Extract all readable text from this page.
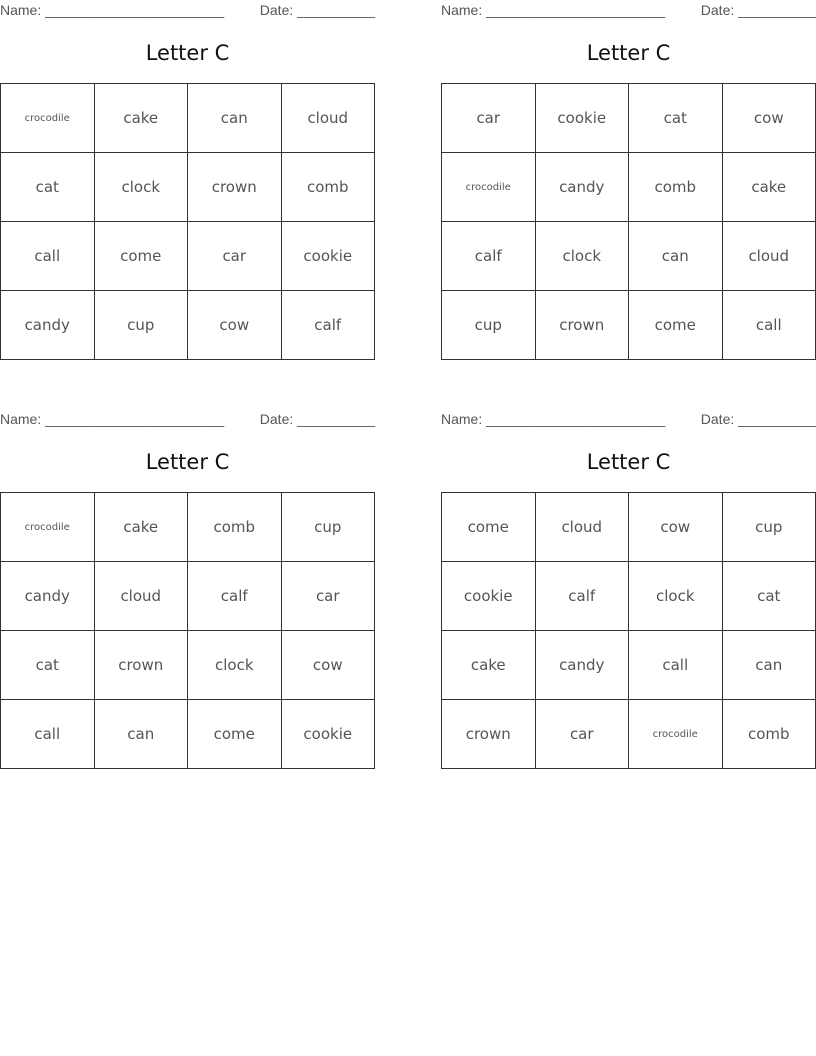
Name: _______________________	Date: __________
Letter C
crocodile	cake	can	cloud
cat	clock	crown	comb
call	come	car	cookie
candy	cup	cow	calf
Name: _______________________	Date: __________
Letter C
car	cookie	cat	cow
crocodile	candy	comb	cake
calf	clock	can	cloud
cup	crown	come	call
Name: _______________________	Date: __________
Letter C
crocodile	cake	comb	cup
candy	cloud	calf	car
cat	crown	clock	cow
call	can	come	cookie
Name: _______________________	Date: __________
Letter C
come	cloud	cow	cup
cookie	calf	clock	cat
cake	candy	call	can
crown	car	crocodile	comb
